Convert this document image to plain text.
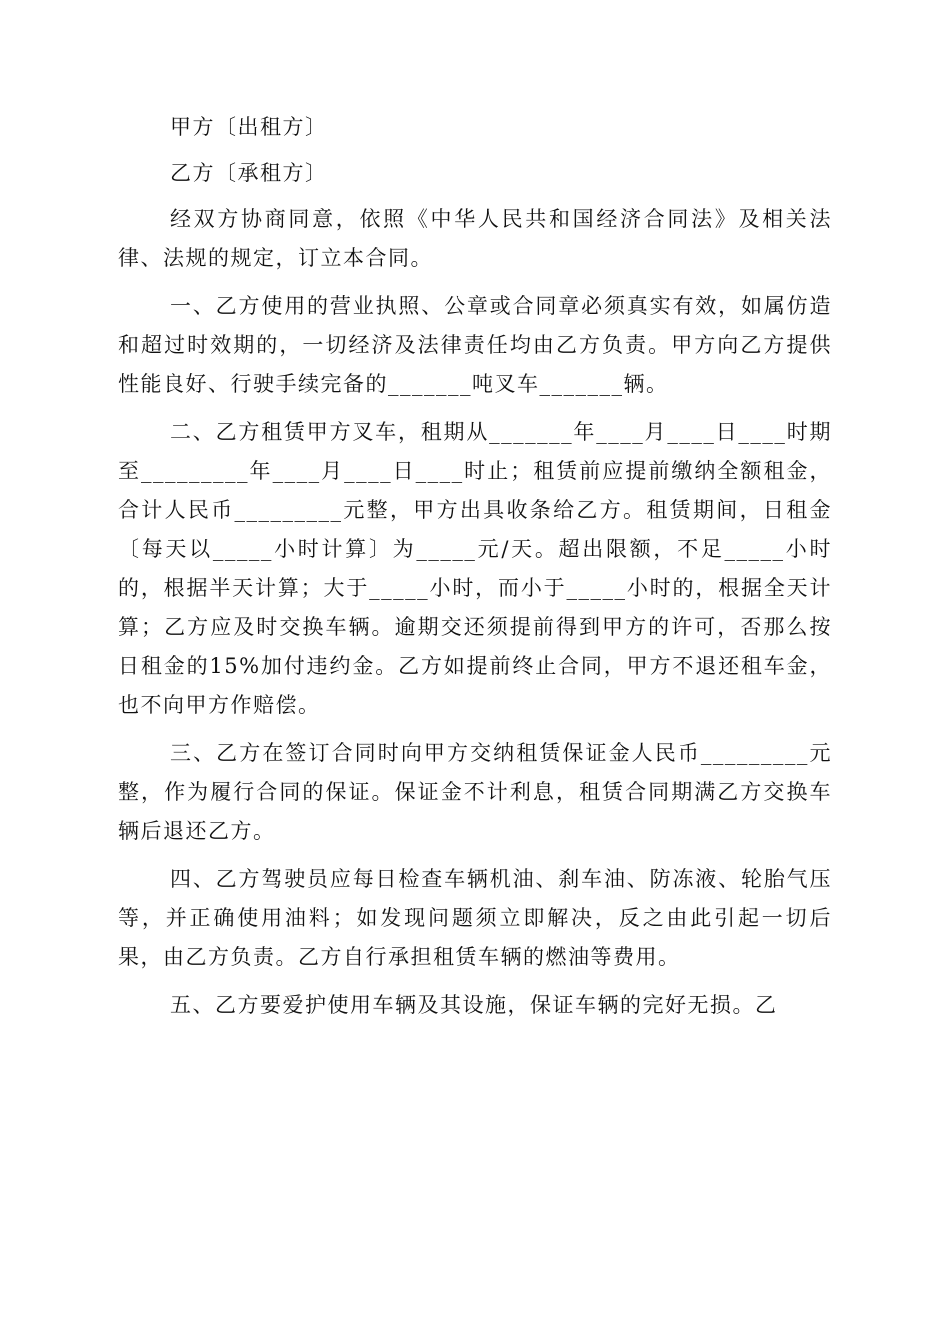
甲方〔出租方〕

乙方〔承租方〕

经双方协商同意，依照《中华人民共和国经济合同法》及相关法律、法规的规定，订立本合同。

一、乙方使用的营业执照、公章或合同章必须真实有效，如属仿造和超过时效期的，一切经济及法律责任均由乙方负责。甲方向乙方提供性能良好、行驶手续完备的_______吨叉车_______辆。

二、乙方租赁甲方叉车，租期从_______年____月____日____时期至_________年____月____日____时止；租赁前应提前缴纳全额租金，合计人民币_________元整，甲方出具收条给乙方。租赁期间，日租金〔每天以_____小时计算〕为_____元/天。超出限额，不足_____小时的，根据半天计算；大于_____小时，而小于_____小时的，根据全天计算；乙方应及时交换车辆。逾期交还须提前得到甲方的许可，否那么按日租金的15%加付违约金。乙方如提前终止合同，甲方不退还租车金，也不向甲方作赔偿。

三、乙方在签订合同时向甲方交纳租赁保证金人民币_________元整，作为履行合同的保证。保证金不计利息，租赁合同期满乙方交换车辆后退还乙方。

四、乙方驾驶员应每日检查车辆机油、刹车油、防冻液、轮胎气压等，并正确使用油料；如发现问题须立即解决，反之由此引起一切后果，由乙方负责。乙方自行承担租赁车辆的燃油等费用。

五、乙方要爱护使用车辆及其设施，保证车辆的完好无损。乙
